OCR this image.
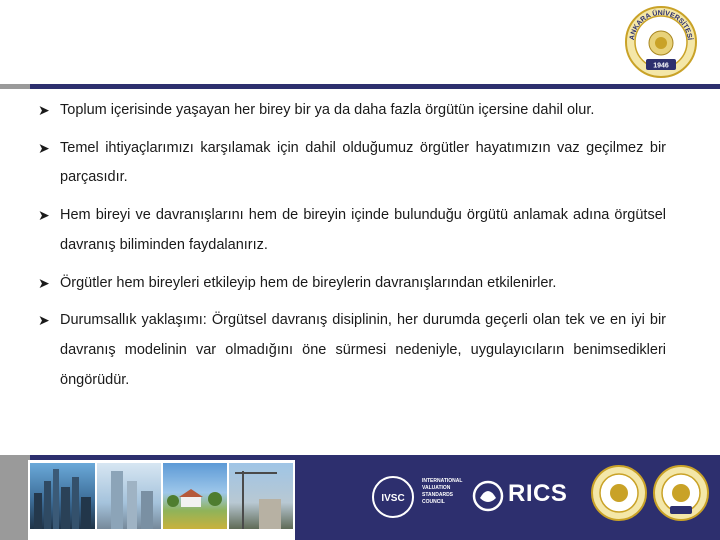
ANKARA ÜNİVERSİTESİ
1946
➤ Toplum içerisinde yaşayan her birey bir ya da daha fazla örgütün içersine dahil olur.
➤ Temel ihtiyaçlarımızı karşılamak için dahil olduğumuz örgütler hayatımızın vaz geçilmez bir parçasıdır.
➤ Hem bireyi ve davranışlarını hem de bireyin içinde bulunduğu örgütü anlamak adına örgütsel davranış biliminden faydalanırız.
➤ Örgütler hem bireyleri etkileyip hem de bireylerin davranışlarından etkilenirler.
➤ Durumsallık yaklaşımı: Örgütsel davranış disiplinin, her durumda geçerli olan tek ve en iyi bir davranış modelinin var olmadığını öne sürmesi nedeniyle, uygulayıcıların benimsedikleri öngörüdür.
IVSC
INTERNATIONAL VALUATION STANDARDS COUNCIL	RICS
